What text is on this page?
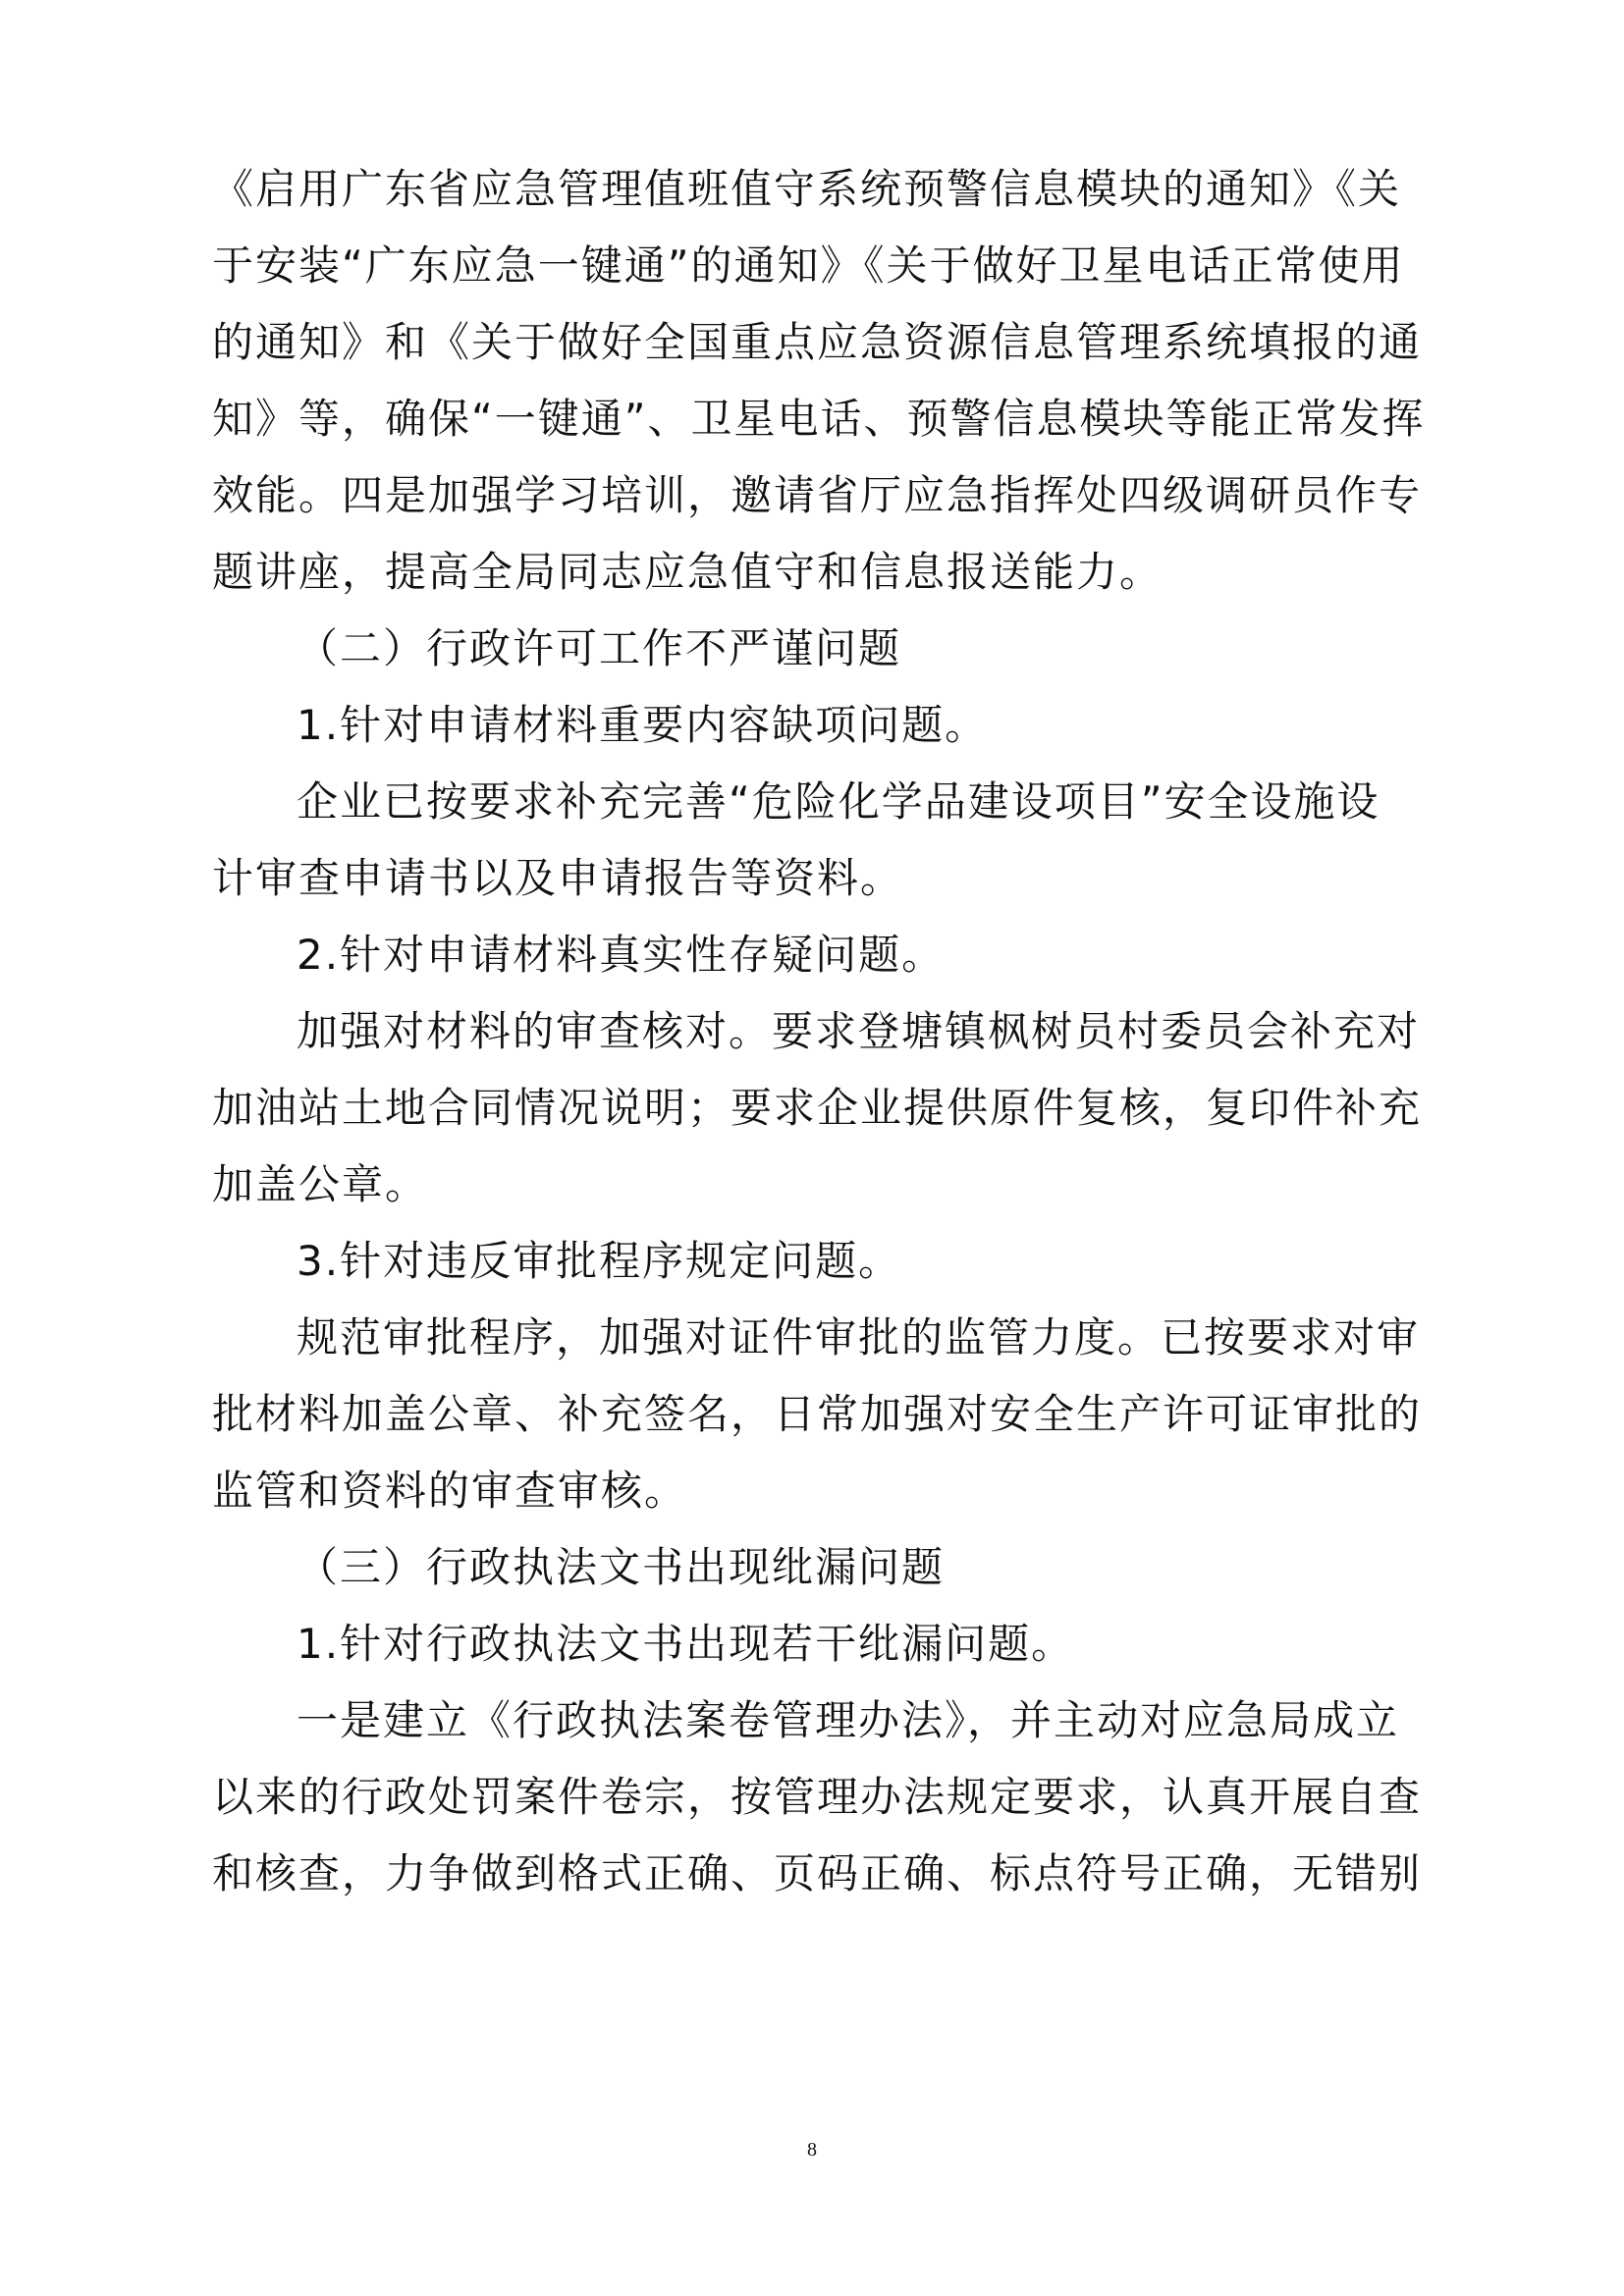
《启用广东省应急管理值班值守系统预警信息模块的通知》《关
于安装“广东应急一键通”的通知》《关于做好卫星电话正常使用
的通知》和《关于做好全国重点应急资源信息管理系统填报的通
知》等，确保“一键通”、卫星电话、预警信息模块等能正常发挥
效能。四是加强学习培训，邀请省厅应急指挥处四级调研员作专
题讲座，提高全局同志应急值守和信息报送能力。
（二）行政许可工作不严谨问题
1.针对申请材料重要内容缺项问题。
企业已按要求补充完善“危险化学品建设项目”安全设施设
计审查申请书以及申请报告等资料。
2.针对申请材料真实性存疑问题。
加强对材料的审查核对。要求登塘镇枫树员村委员会补充对
加油站土地合同情况说明；要求企业提供原件复核，复印件补充
加盖公章。
3.针对违反审批程序规定问题。
规范审批程序，加强对证件审批的监管力度。已按要求对审
批材料加盖公章、补充签名，日常加强对安全生产许可证审批的
监管和资料的审查审核。
（三）行政执法文书出现纰漏问题
1.针对行政执法文书出现若干纰漏问题。
一是建立《行政执法案卷管理办法》，并主动对应急局成立
以来的行政处罚案件卷宗，按管理办法规定要求，认真开展自查
和核查，力争做到格式正确、页码正确、标点符号正确，无错别
8
